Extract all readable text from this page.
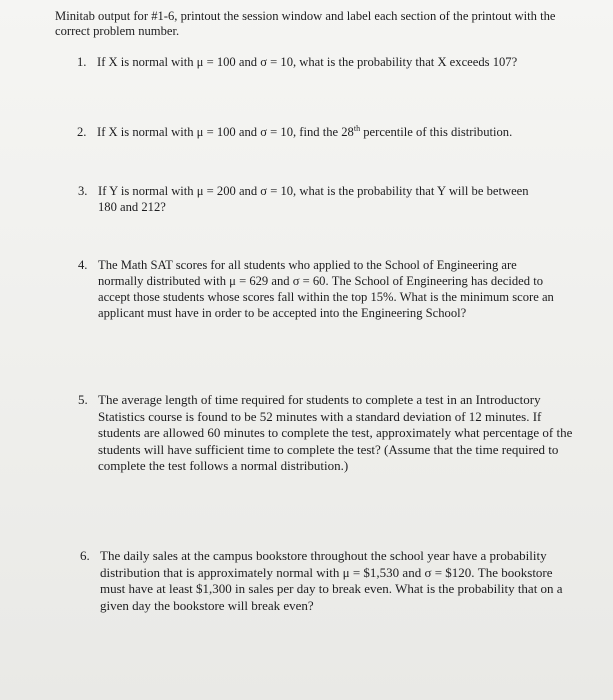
Minitab output for #1-6, printout the session window and label each section of the printout with the
correct problem number.
1. If X is normal with μ = 100 and σ = 10, what is the probability that X exceeds 107?
2. If X is normal with μ = 100 and σ = 10, find the 28th percentile of this distribution.
3. If Y is normal with μ = 200 and σ = 10, what is the probability that Y will be between
180 and 212?
4. The Math SAT scores for all students who applied to the School of Engineering are
normally distributed with μ = 629 and σ = 60. The School of Engineering has decided to
accept those students whose scores fall within the top 15%. What is the minimum score an
applicant must have in order to be accepted into the Engineering School?
5. The average length of time required for students to complete a test in an Introductory
Statistics course is found to be 52 minutes with a standard deviation of 12 minutes. If
students are allowed 60 minutes to complete the test, approximately what percentage of the
students will have sufficient time to complete the test? (Assume that the time required to
complete the test follows a normal distribution.)
6. The daily sales at the campus bookstore throughout the school year have a probability
distribution that is approximately normal with μ = $1,530 and σ = $120. The bookstore
must have at least $1,300 in sales per day to break even. What is the probability that on a
given day the bookstore will break even?
